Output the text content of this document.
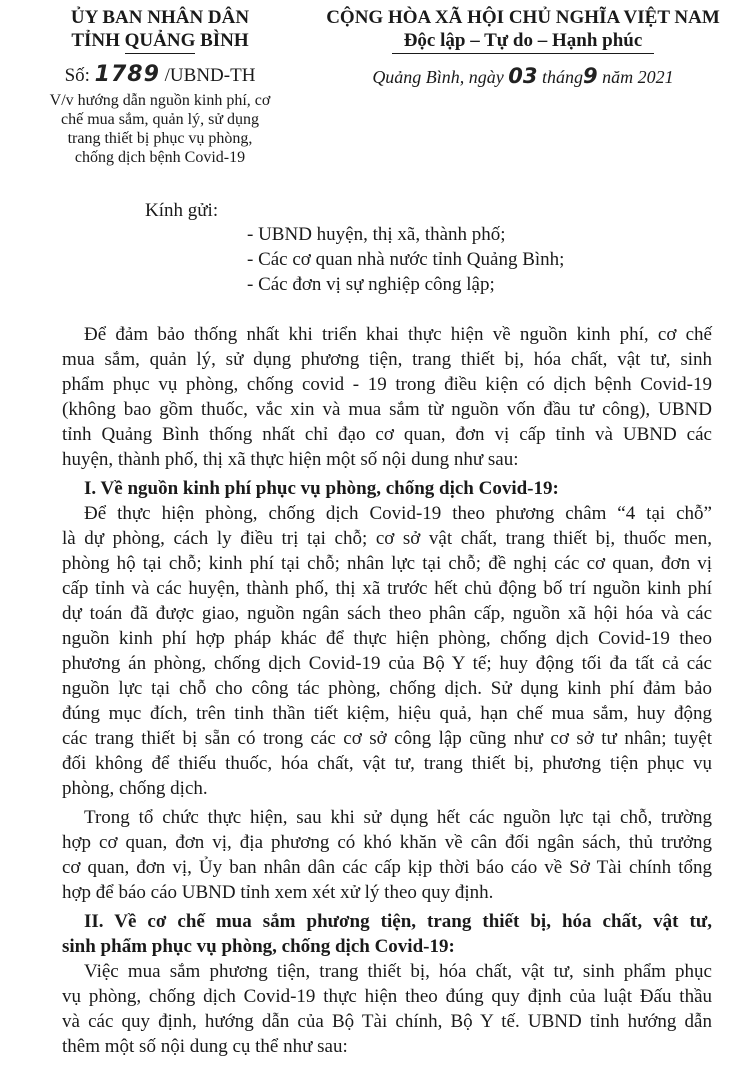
ỦY BAN NHÂN DÂN
TỈNH QUẢNG BÌNH
Số: 1789 /UBND-TH
V/v hướng dẫn nguồn kinh phí, cơ
chế mua sắm, quản lý, sử dụng
trang thiết bị phục vụ phòng,
chống dịch bệnh Covid-19
CỘNG HÒA XÃ HỘI CHỦ NGHĨA VIỆT NAM
Độc lập – Tự do – Hạnh phúc
Quảng Bình, ngày 03 tháng9 năm 2021
Kính gửi:
- UBND huyện, thị xã, thành phố;
- Các cơ quan nhà nước tỉnh Quảng Bình;
- Các đơn vị sự nghiệp công lập;
Để đảm bảo thống nhất khi triển khai thực hiện về nguồn kinh phí, cơ chế
mua sắm, quản lý, sử dụng phương tiện, trang thiết bị, hóa chất, vật tư, sinh
phẩm phục vụ phòng, chống covid - 19 trong điều kiện có dịch bệnh Covid-19
(không bao gồm thuốc, vắc xin và mua sắm từ nguồn vốn đầu tư công), UBND
tỉnh Quảng Bình thống nhất chỉ đạo cơ quan, đơn vị cấp tỉnh và UBND các
huyện, thành phố, thị xã thực hiện một số nội dung như sau:
I. Về nguồn kinh phí phục vụ phòng, chống dịch Covid-19:
Để thực hiện phòng, chống dịch Covid-19 theo phương châm “4 tại chỗ”
là dự phòng, cách ly điều trị tại chỗ; cơ sở vật chất, trang thiết bị, thuốc men,
phòng hộ tại chỗ; kinh phí tại chỗ; nhân lực tại chỗ; đề nghị các cơ quan, đơn vị
cấp tỉnh và các huyện, thành phố, thị xã trước hết chủ động bố trí nguồn kinh phí
dự toán đã được giao, nguồn ngân sách theo phân cấp, nguồn xã hội hóa và các
nguồn kinh phí hợp pháp khác để thực hiện phòng, chống dịch Covid-19 theo
phương án phòng, chống dịch Covid-19 của Bộ Y tế; huy động tối đa tất cả các
nguồn lực tại chỗ cho công tác phòng, chống dịch. Sử dụng kinh phí đảm bảo
đúng mục đích, trên tinh thần tiết kiệm, hiệu quả, hạn chế mua sắm, huy động
các trang thiết bị sẵn có trong các cơ sở công lập cũng như cơ sở tư nhân; tuyệt
đối không để thiếu thuốc, hóa chất, vật tư, trang thiết bị, phương tiện phục vụ
phòng, chống dịch.
Trong tổ chức thực hiện, sau khi sử dụng hết các nguồn lực tại chỗ, trường
hợp cơ quan, đơn vị, địa phương có khó khăn về cân đối ngân sách, thủ trưởng
cơ quan, đơn vị, Ủy ban nhân dân các cấp kịp thời báo cáo về Sở Tài chính tổng
hợp để báo cáo UBND tỉnh xem xét xử lý theo quy định.
II. Về cơ chế mua sắm phương tiện, trang thiết bị, hóa chất, vật tư,
sinh phẩm phục vụ phòng, chống dịch Covid-19:
Việc mua sắm phương tiện, trang thiết bị, hóa chất, vật tư, sinh phẩm phục
vụ phòng, chống dịch Covid-19 thực hiện theo đúng quy định của luật Đấu thầu
và các quy định, hướng dẫn của Bộ Tài chính, Bộ Y tế. UBND tỉnh hướng dẫn
thêm một số nội dung cụ thể như sau:
